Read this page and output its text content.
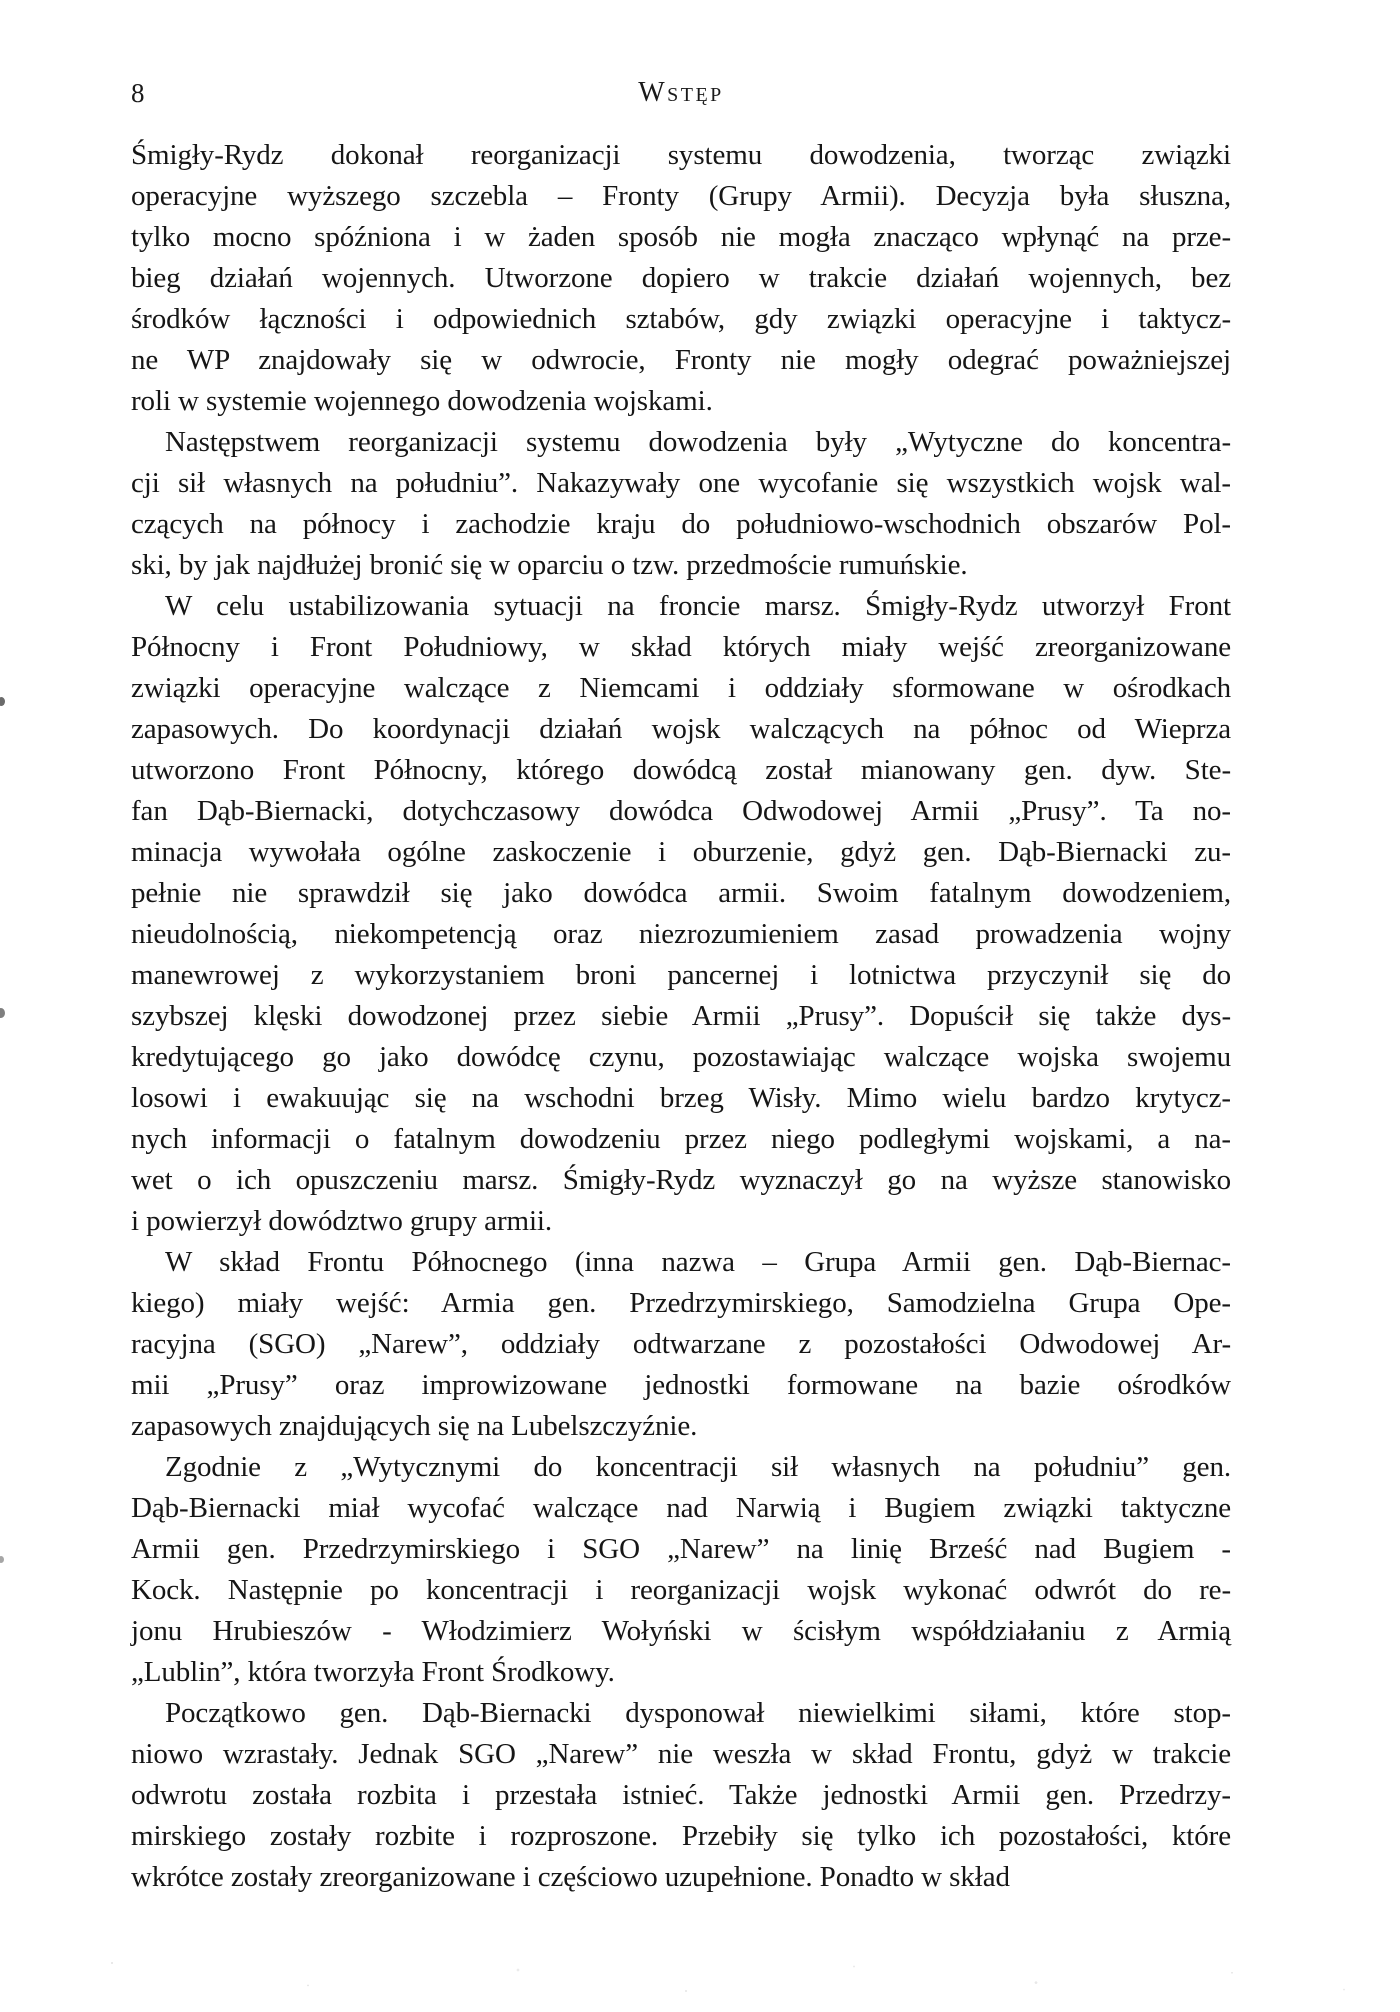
8	Wstęp
Śmigły-Rydz dokonał reorganizacji systemu dowodzenia, tworząc związki
operacyjne wyższego szczebla – Fronty (Grupy Armii). Decyzja była słuszna,
tylko mocno spóźniona i w żaden sposób nie mogła znacząco wpłynąć na prze-
bieg działań wojennych. Utworzone dopiero w trakcie działań wojennych, bez
środków łączności i odpowiednich sztabów, gdy związki operacyjne i taktycz-
ne WP znajdowały się w odwrocie, Fronty nie mogły odegrać poważniejszej
roli w systemie wojennego dowodzenia wojskami.
Następstwem reorganizacji systemu dowodzenia były „Wytyczne do koncentra-
cji sił własnych na południu”. Nakazywały one wycofanie się wszystkich wojsk wal-
czących na północy i zachodzie kraju do południowo-wschodnich obszarów Pol-
ski, by jak najdłużej bronić się w oparciu o tzw. przedmoście rumuńskie.
W celu ustabilizowania sytuacji na froncie marsz. Śmigły-Rydz utworzył Front
Północny i Front Południowy, w skład których miały wejść zreorganizowane
związki operacyjne walczące z Niemcami i oddziały sformowane w ośrodkach
zapasowych. Do koordynacji działań wojsk walczących na północ od Wieprza
utworzono Front Północny, którego dowódcą został mianowany gen. dyw. Ste-
fan Dąb-Biernacki, dotychczasowy dowódca Odwodowej Armii „Prusy”. Ta no-
minacja wywołała ogólne zaskoczenie i oburzenie, gdyż gen. Dąb-Biernacki zu-
pełnie nie sprawdził się jako dowódca armii. Swoim fatalnym dowodzeniem,
nieudolnością, niekompetencją oraz niezrozumieniem zasad prowadzenia wojny
manewrowej z wykorzystaniem broni pancernej i lotnictwa przyczynił się do
szybszej klęski dowodzonej przez siebie Armii „Prusy”. Dopuścił się także dys-
kredytującego go jako dowódcę czynu, pozostawiając walczące wojska swojemu
losowi i ewakuując się na wschodni brzeg Wisły. Mimo wielu bardzo krytycz-
nych informacji o fatalnym dowodzeniu przez niego podległymi wojskami, a na-
wet o ich opuszczeniu marsz. Śmigły-Rydz wyznaczył go na wyższe stanowisko
i powierzył dowództwo grupy armii.
W skład Frontu Północnego (inna nazwa – Grupa Armii gen. Dąb-Biernac-
kiego) miały wejść: Armia gen. Przedrzymirskiego, Samodzielna Grupa Ope-
racyjna (SGO) „Narew”, oddziały odtwarzane z pozostałości Odwodowej Ar-
mii „Prusy” oraz improwizowane jednostki formowane na bazie ośrodków
zapasowych znajdujących się na Lubelszczyźnie.
Zgodnie z „Wytycznymi do koncentracji sił własnych na południu” gen.
Dąb-Biernacki miał wycofać walczące nad Narwią i Bugiem związki taktyczne
Armii gen. Przedrzymirskiego i SGO „Narew” na linię Brześć nad Bugiem -
Kock. Następnie po koncentracji i reorganizacji wojsk wykonać odwrót do re-
jonu Hrubieszów - Włodzimierz Wołyński w ścisłym współdziałaniu z Armią
„Lublin”, która tworzyła Front Środkowy.
Początkowo gen. Dąb-Biernacki dysponował niewielkimi siłami, które stop-
niowo wzrastały. Jednak SGO „Narew” nie weszła w skład Frontu, gdyż w trakcie
odwrotu została rozbita i przestała istnieć. Także jednostki Armii gen. Przedrzy-
mirskiego zostały rozbite i rozproszone. Przebiły się tylko ich pozostałości, które
wkrótce zostały zreorganizowane i częściowo uzupełnione. Ponadto w skład
